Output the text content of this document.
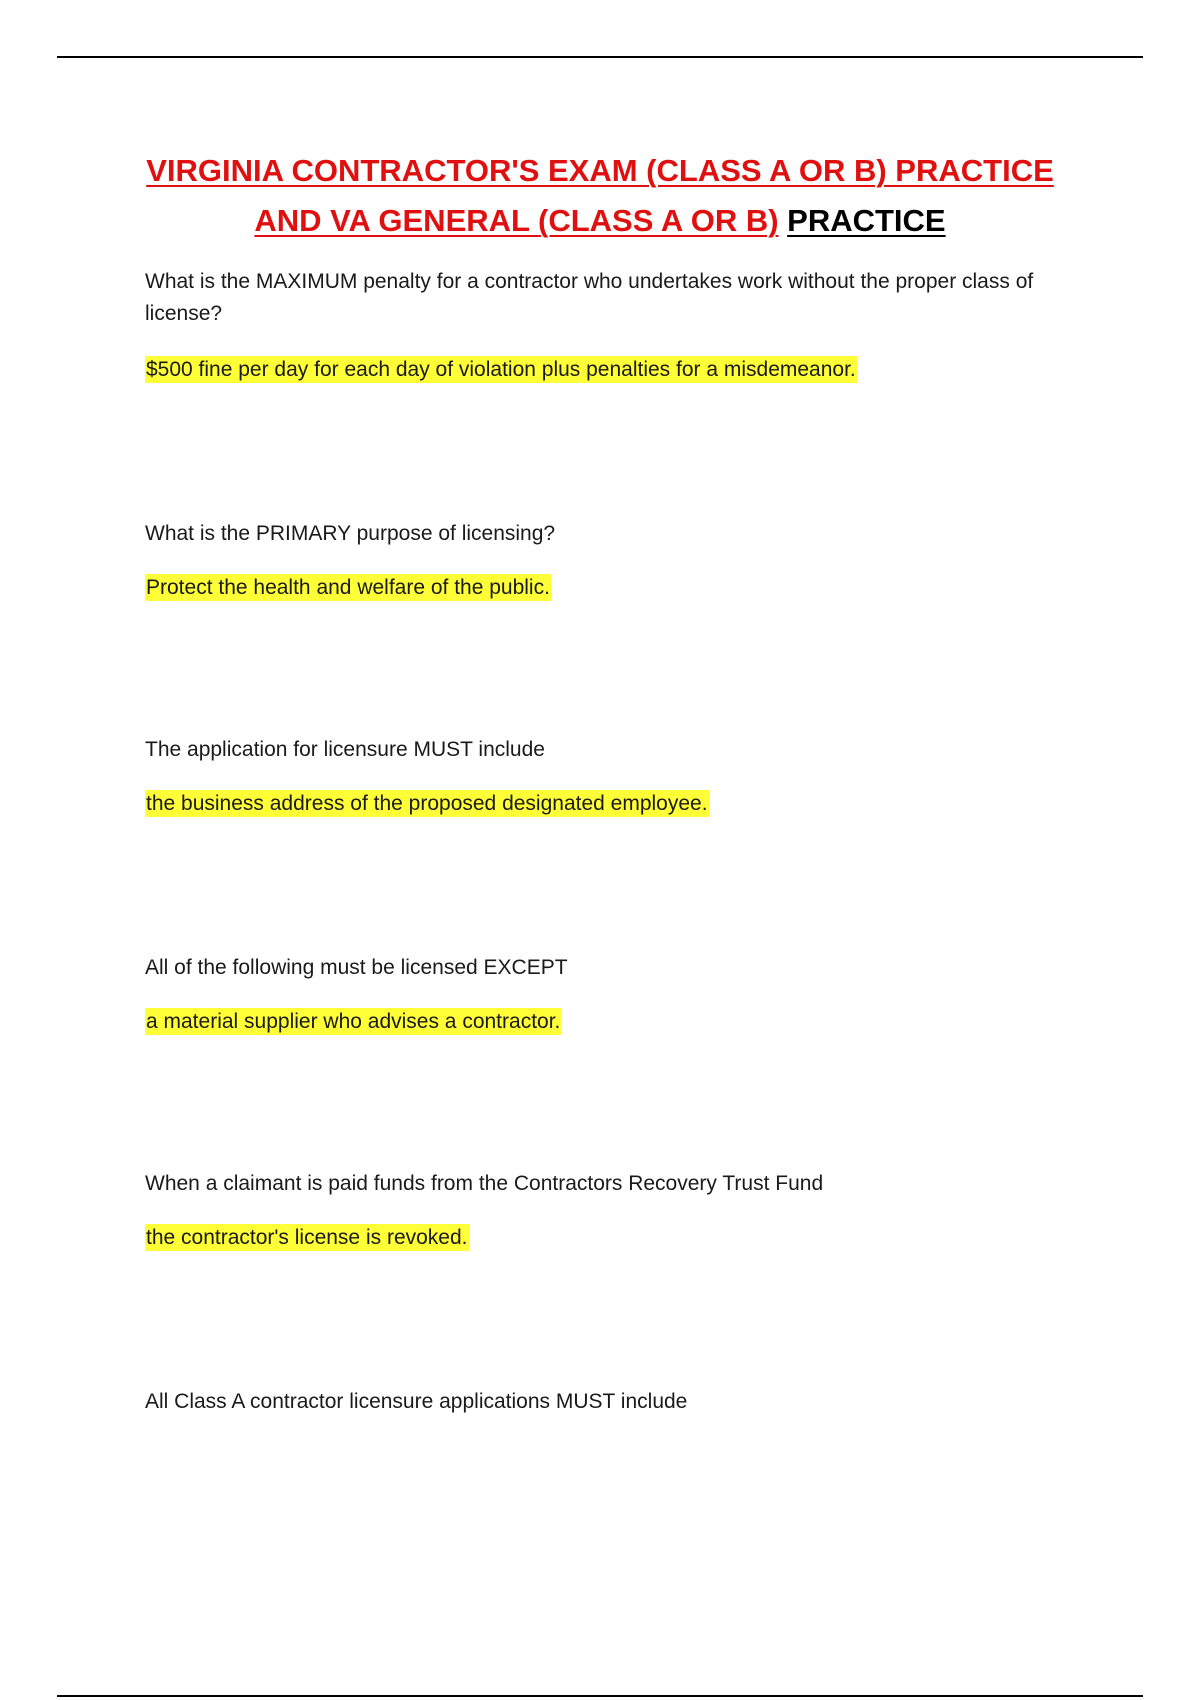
VIRGINIA CONTRACTOR'S EXAM (CLASS A OR B) PRACTICE
AND VA GENERAL (CLASS A OR B) PRACTICE
What is the MAXIMUM penalty for a contractor who undertakes work without the proper class of license?
$500 fine per day for each day of violation plus penalties for a misdemeanor.
What is the PRIMARY purpose of licensing?
Protect the health and welfare of the public.
The application for licensure MUST include
the business address of the proposed designated employee.
All of the following must be licensed EXCEPT
a material supplier who advises a contractor.
When a claimant is paid funds from the Contractors Recovery Trust Fund
the contractor's license is revoked.
All Class A contractor licensure applications MUST include
